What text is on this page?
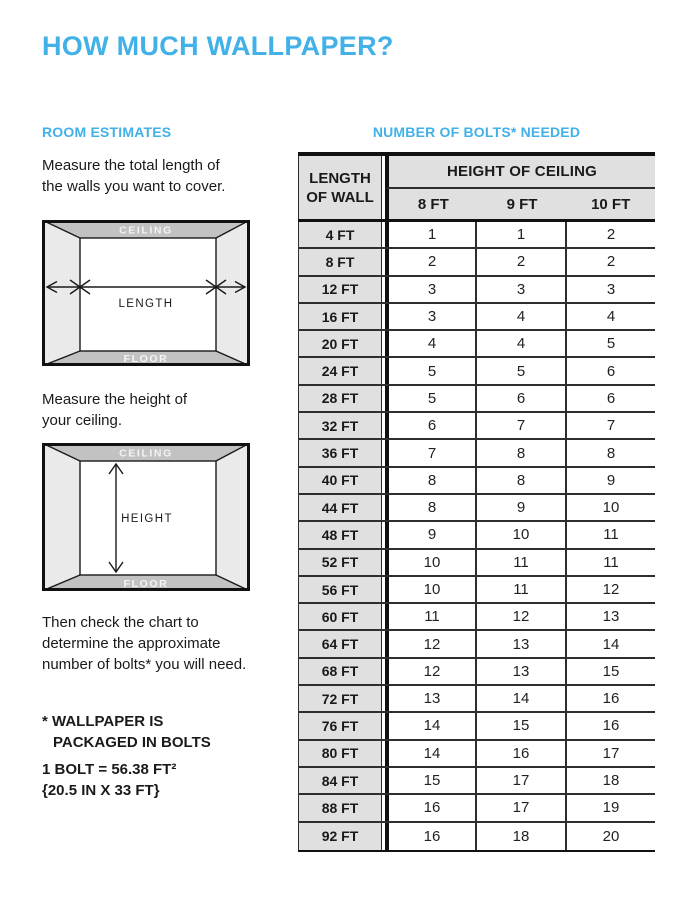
HOW MUCH WALLPAPER?
ROOM ESTIMATES	NUMBER OF BOLTS* NEEDED

Measure the total length of
the walls you want to cover.

CEILING
FLOOR
LENGTH

Measure the height of
your ceiling.

CEILING
FLOOR
HEIGHT

Then check the chart to
determine the approximate
number of bolts* you will need.

* WALLPAPER IS
PACKAGED IN BOLTS

1 BOLT = 56.38 FT²
{20.5 IN X 33 FT}

LENGTH OF WALL
HEIGHT OF CEILING
8 FT	9 FT	10 FT
4 FT	1	1	2
8 FT	2	2	2
12 FT	3	3	3
16 FT	3	4	4
20 FT	4	4	5
24 FT	5	5	6
28 FT	5	6	6
32 FT	6	7	7
36 FT	7	8	8
40 FT	8	8	9
44 FT	8	9	10
48 FT	9	10	11
52 FT	10	11	11
56 FT	10	11	12
60 FT	11	12	13
64 FT	12	13	14
68 FT	12	13	15
72 FT	13	14	16
76 FT	14	15	16
80 FT	14	16	17
84 FT	15	17	18
88 FT	16	17	19
92 FT	16	18	20
